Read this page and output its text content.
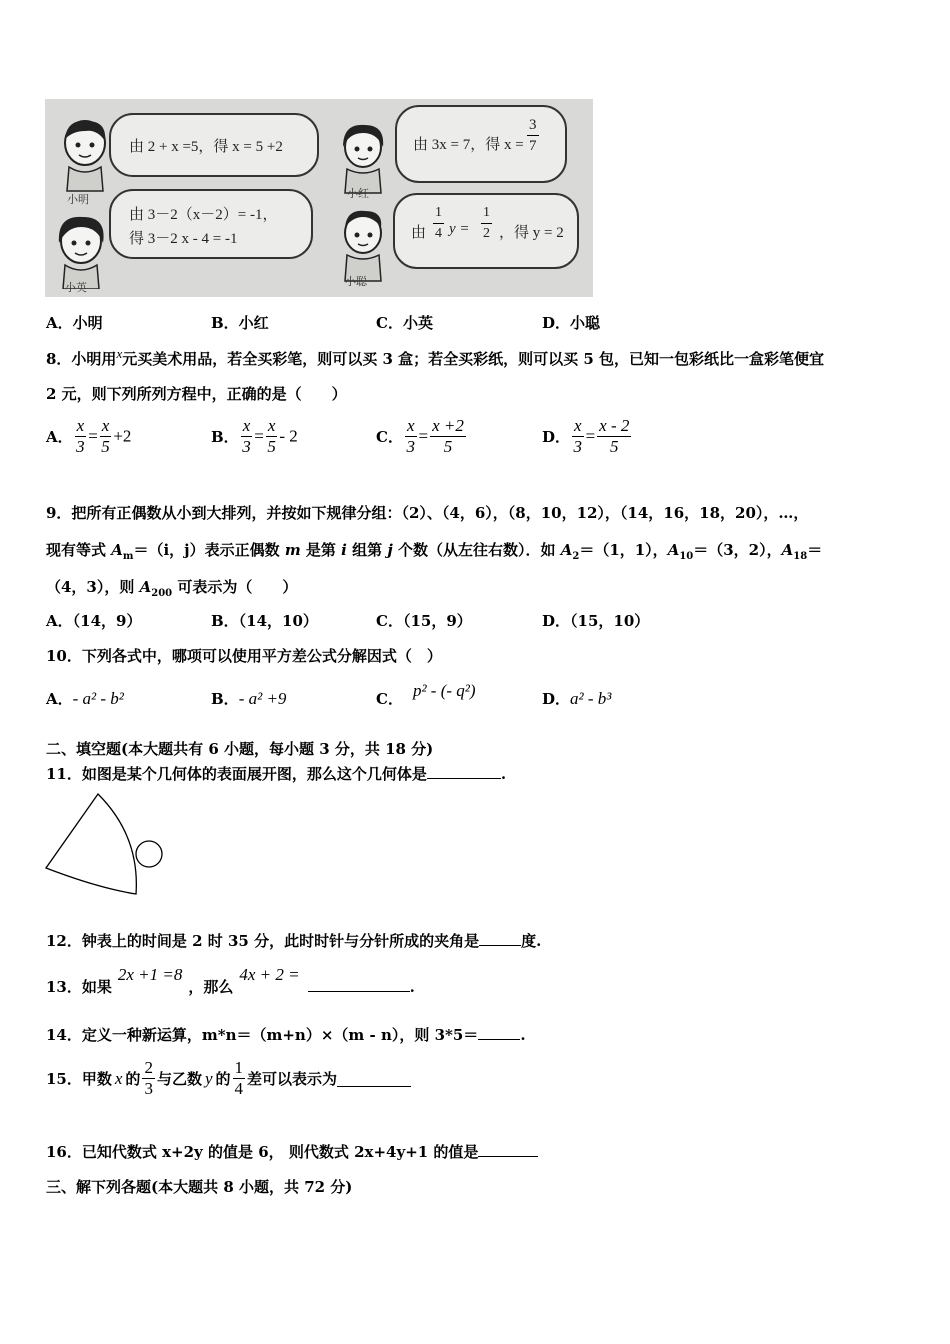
小明
由 2 + x =5，得 x = 5 +2
小英
由 3－2（x－2）= -1，
得 3－2 x - 4 = -1
小红
由 3x = 7，得 $x = \frac{3}{7}$
小聪
由 $\frac{1}{4}$ $y = \frac{1}{2}$ ，得 y = 2
A．小明	B．小红	C．小英	D．小聪
8．小明用$^x$元买美术用品，若全买彩笔，则可以买 3 盒；若全买彩纸，则可以买 5 包，已知一包彩纸比一盒彩笔便宜
2 元，则下列所列方程中，正确的是（　　）
A． $\frac{x}{3} = \frac{x}{5} +2$	B． $\frac{x}{3} = \frac{x}{5} - 2$	C． $\frac{x}{3} = \frac{x +2}{5}$	D． $\frac{x}{3} = \frac{x - 2}{5}$
9．把所有正偶数从小到大排列，并按如下规律分组：（2）、（4，6），（8，10，12），（14，16，18，20），…，
现有等式 $A_m=(i$，j）表示正偶数 m 是第 i 组第 j 个数（从左往右数）．如 $A_2=(1$，1），$A_{10}=(3$，2），$A_{18}=$
（4，3），则 $A_{200}$ 可表示为（　　）
A．（14，9）	B．（14，10）	C．（15，9）	D．（15，10）
10．下列各式中，哪项可以使用平方差公式分解因式（　）
A．- a² - b²	B．- a² +9	C． p² - (- q²)	D．a² - b³
二、填空题(本大题共有 6 小题，每小题 3 分，共 18 分)
11．如图是某个几何体的表面展开图，那么这个几何体是	.
12．钟表上的时间是 2 时 35 分，此时时针与分针所成的夹角是	度.
13．如果2x +1 =8，那么4x + 2 =.
14．定义一种新运算，m*n＝（m+n）×（m - n），则 3*5＝	.
15．甲数 x 的 $\frac{2}{3}$ 与乙数 y 的 $\frac{1}{4}$ 差可以表示为
16．已知代数式 x+2y 的值是 6， 则代数式 2x+4y+1 的值是
三、解下列各题(本大题共 8 小题，共 72 分)
